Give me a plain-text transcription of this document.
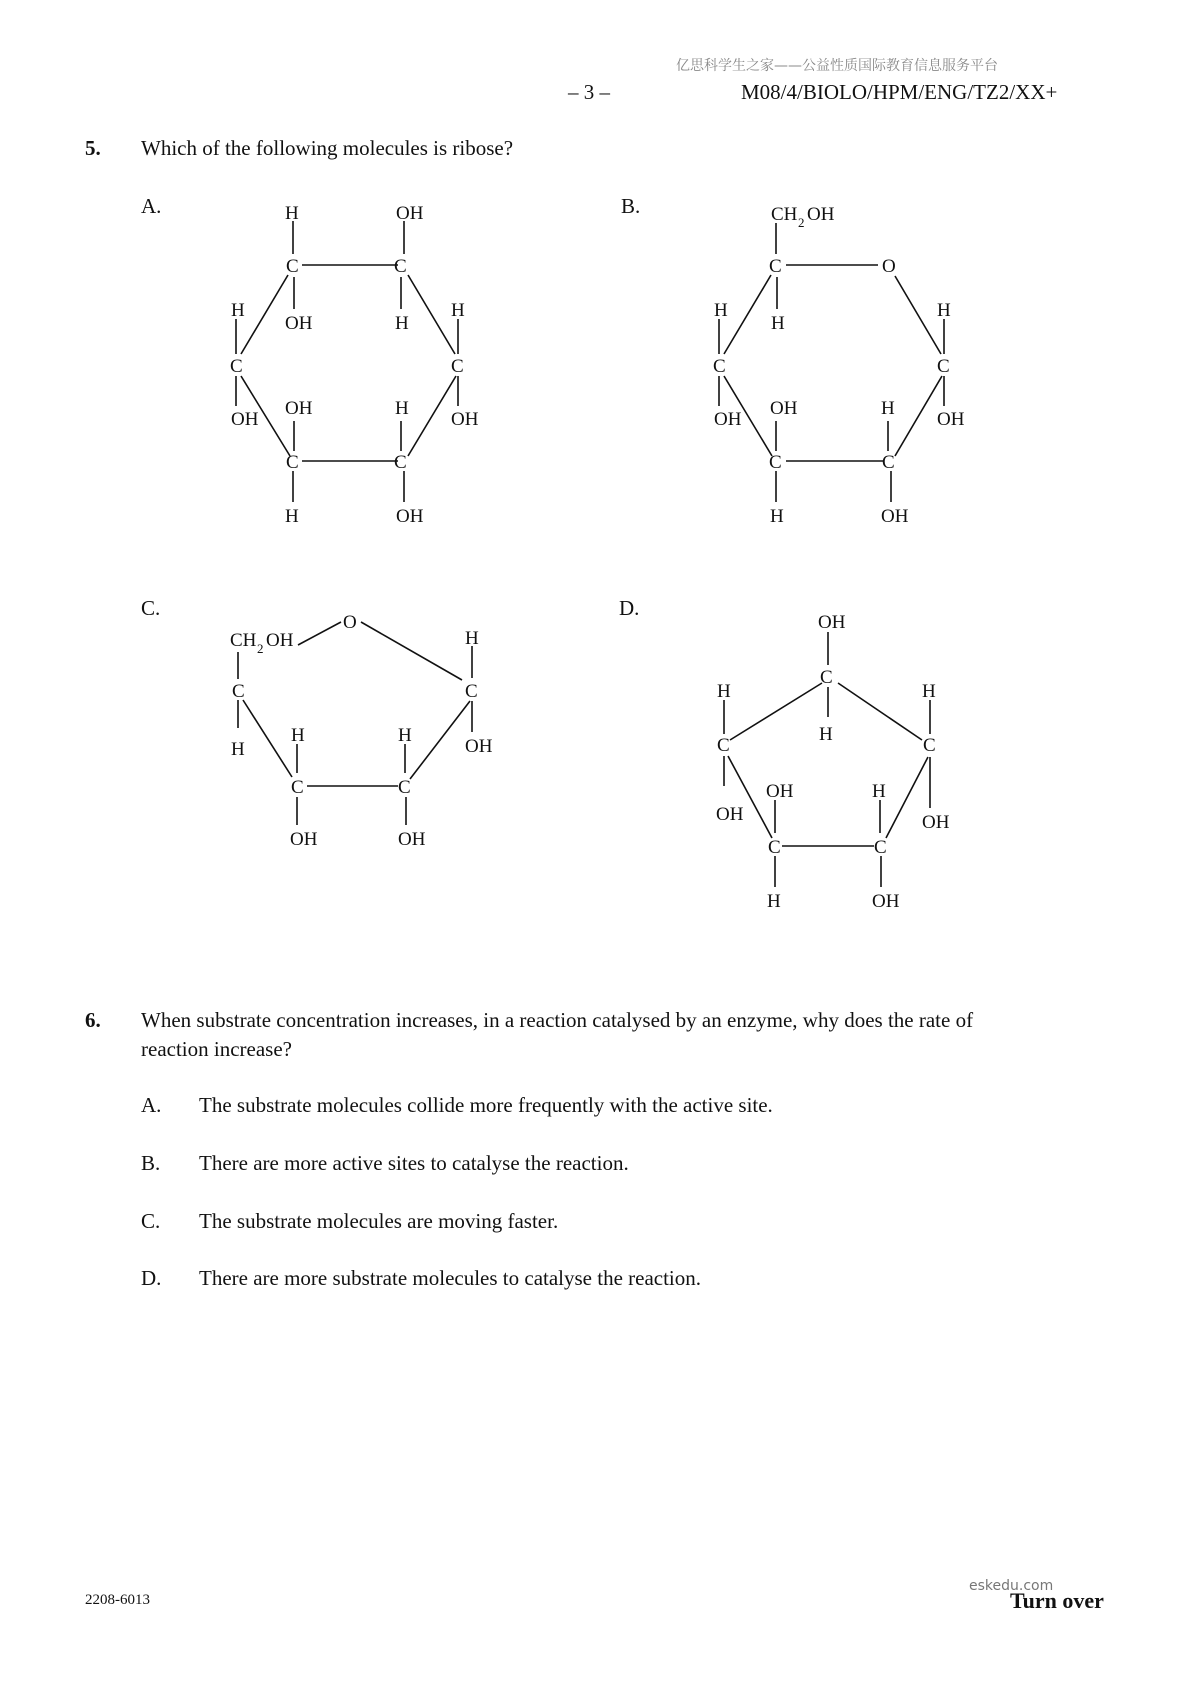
亿思科学生之家——公益性质国际教育信息服务平台
– 3 –	M08/4/BIOLO/HPM/ENG/TZ2/XX+
5. Which of the following molecules is ribose?
A.	B.
C.	D.
H	OH
C	C
H
OH	H
H
C	C
OH
OH	H
OH
C	C
H	OH
CH 2 OH
C	O
H
H
H
C	C
OH
OH	H
OH
C	C
H	OH
O
CH 2 OH	H
C	C
H
H	H
OH
C	C
OH	OH
OH
C
H
H	H
C	C
OH
OH	H
OH
C	C
H	OH
6. When substrate concentration increases, in a reaction catalysed by an enzyme, why does the rate of
reaction increase?
A. The substrate molecules collide more frequently with the active site.
B. There are more active sites to catalyse the reaction.
C. The substrate molecules are moving faster.
D. There are more substrate molecules to catalyse the reaction.
2208-6013
eskedu.com
Turn over
